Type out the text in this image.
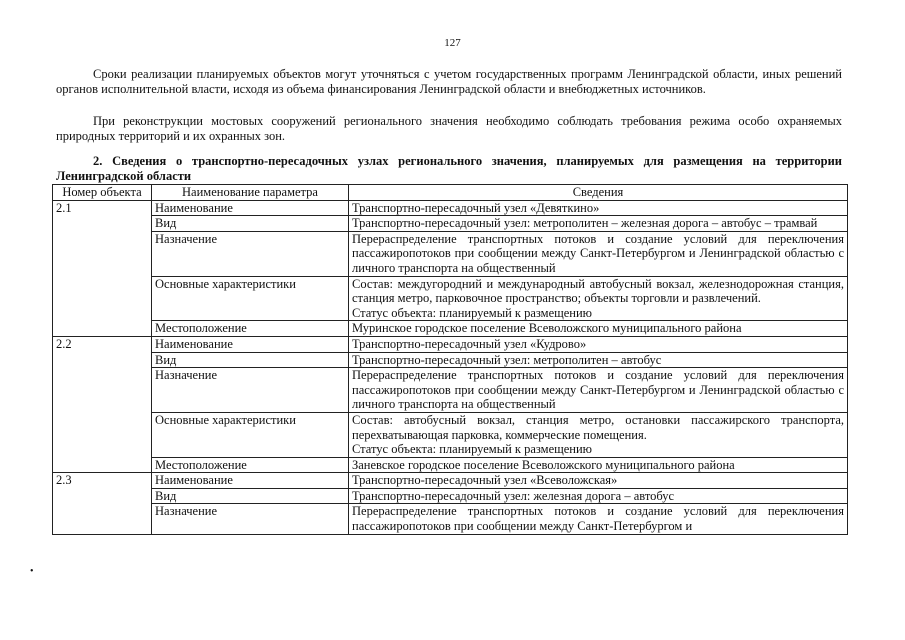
127

Сроки реализации планируемых объектов могут уточняться с учетом государственных программ Ленинградской области, иных решений органов исполнительной власти, исходя из объема финансирования Ленинградской области и внебюджетных источников.

При реконструкции мостовых сооружений регионального значения необходимо соблюдать требования режима особо охраняемых природных территорий и их охранных зон.

2. Сведения о транспортно-пересадочных узлах регионального значения, планируемых для размещения на территории Ленинградской области

Номер объекта	Наименование параметра	Сведения
2.1	Наименование	Транспортно-пересадочный узел «Девяткино»

	Вид	Транспортно-пересадочный узел: метрополитен – железная дорога – автобус – трамвай

	Назначение	Перераспределение транспортных потоков и создание условий для переключения пассажиропотоков при сообщении между Санкт-Петербургом и Ленинградской областью с личного транспорта на общественный

	Основные характеристики	Состав: междугородний и международный автобусный вокзал, железнодорожная станция, станция метро, парковочное пространство; объекты торговли и развлечений.
Статус объекта: планируемый к размещению

	Местоположение	Муринское городское поселение Всеволожского муниципального района

2.2	Наименование	Транспортно-пересадочный узел «Кудрово»

	Вид	Транспортно-пересадочный узел: метрополитен – автобус

	Назначение	Перераспределение транспортных потоков и создание условий для переключения пассажиропотоков при сообщении между Санкт-Петербургом и Ленинградской областью с личного транспорта на общественный

	Основные характеристики	Состав: автобусный вокзал, станция метро, остановки пассажирского транспорта, перехватывающая парковка, коммерческие помещения.
Статус объекта: планируемый к размещению

	Местоположение	Заневское городское поселение Всеволожского муниципального района

2.3	Наименование	Транспортно-пересадочный узел «Всеволожская»

	Вид	Транспортно-пересадочный узел: железная дорога – автобус

	Назначение	Перераспределение транспортных потоков и создание условий для переключения пассажиропотоков при сообщении между Санкт-Петербургом и
•
